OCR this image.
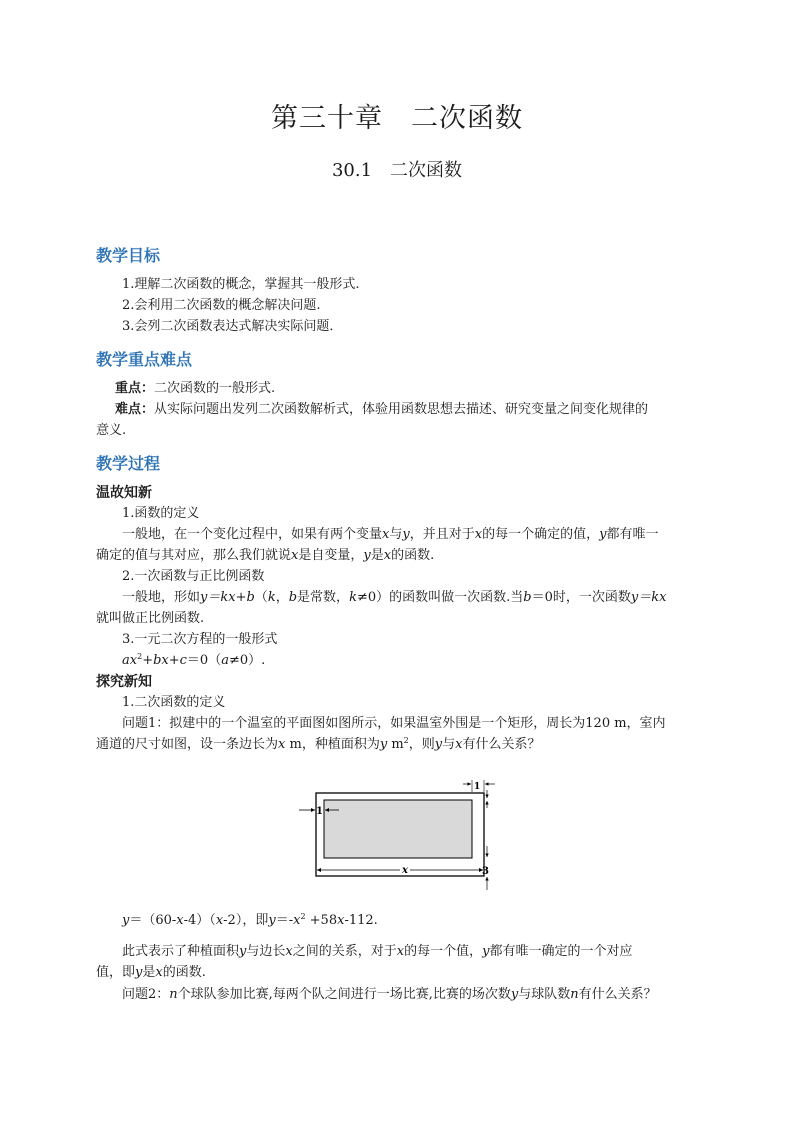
第三十章　二次函数
30.1　二次函数
教学目标
1.理解二次函数的概念，掌握其一般形式.
2.会利用二次函数的概念解决问题.
3.会列二次函数表达式解决实际问题．
教学重点难点
重点：二次函数的一般形式.
难点：从实际问题出发列二次函数解析式，体验用函数思想去描述、研究变量之间变化规律的
意义.
教学过程
温故知新
1.函数的定义
一般地，在一个变化过程中，如果有两个变量x与y，并且对于x的每一个确定的值，y都有唯一
确定的值与其对应，那么我们就说x是自变量，y是x的函数.
2.一次函数与正比例函数
一般地，形如y＝kx+b（k，b是常数，k≠0）的函数叫做一次函数.当b＝0时，一次函数y＝kx
就叫做正比例函数.
3.一元二次方程的一般形式
$ax^2+bx+c=0(a\ne 0)$.
探究新知
1.二次函数的定义
问题1：拟建中的一个温室的平面图如图所示，如果温室外围是一个矩形，周长为120 m，室内
通道的尺寸如图，设一条边长为x m，种植面积为y $m^2$，则y与x有什么关系？
1
1
3
x
y＝（60-x-4）（x-2），即$y=-x^2 +58x-112$.
此式表示了种植面积y与边长x之间的关系，对于x的每一个值，y都有唯一确定的一个对应
值，即y是x的函数.
问题2：n个球队参加比赛,每两个队之间进行一场比赛,比赛的场次数y与球队数n有什么关系？
